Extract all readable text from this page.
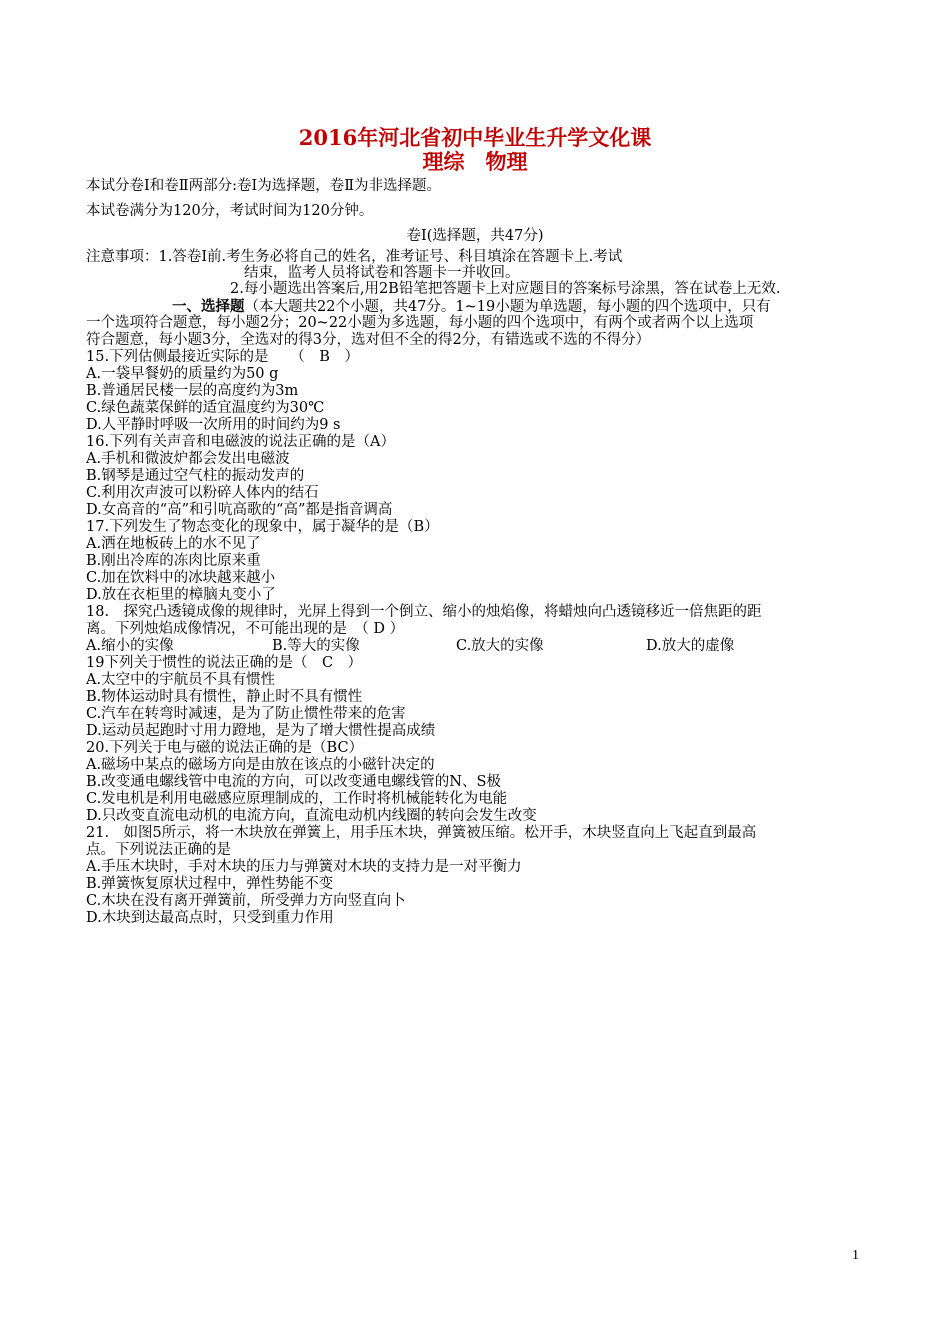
2016年河北省初中毕业生升学文化课
理综　物理
本试分卷Ⅰ和卷Ⅱ两部分:卷Ⅰ为选择题，卷Ⅱ为非选择题。
本试卷满分为120分，考试时间为120分钟。
卷Ⅰ(选择题，共47分)
注意事项：1.答卷Ⅰ前.考生务必将自己的姓名，准考证号、科目填涂在答题卡上.考试
结束，监考人员将试卷和答题卡一并收回。
2.每小题选出答案后,用2B铅笔把答题卡上对应题目的答案标号涂黑，答在试卷上无效.
一、选择题（本大题共22个小题，共47分。1~19小题为单选题，每小题的四个选项中，只有
一个选项符合题意，每小题2分；20~22小题为多选题，每小题的四个选项中，有两个或者两个以上选项
符合题意，每小题3分，全选对的得3分，选对但不全的得2分，有错选或不选的不得分）
15.下列估侧最接近实际的是　　（　B　）
A.一袋早餐奶的质量约为50 g
B.普通居民楼一层的高度约为3m
C.绿色蔬菜保鲜的适宜温度约为30℃
D.人平静时呼吸一次所用的时间约为9 s
16.下列有关声音和电磁波的说法正确的是（A）
A.手机和微波炉都会发出电磁波
B.钢琴是通过空气柱的振动发声的
C.利用次声波可以粉碎人体内的结石
D.女高音的“高”和引吭高歌的“高”都是指音调高
17.下列发生了物态变化的现象中，属于凝华的是（B）
A.洒在地板砖上的水不见了
B.刚出冷库的冻肉比原来重
C.加在饮料中的冰块越来越小
D.放在衣柜里的樟脑丸变小了
18.　探究凸透镜成像的规律时，光屏上得到一个倒立、缩小的烛焰像，将蜡烛向凸透镜移近一倍焦距的距
离。下列烛焰成像情况，不可能出现的是　（ D ）
A.缩小的实像	B.等大的实像	C.放大的实像	D.放大的虚像
19下列关于惯性的说法正确的是（　C　）
A.太空中的宇航员不具有惯性
B.物体运动时具有惯性，静止时不具有惯性
C.汽车在转弯时减速，是为了防止惯性带来的危害
D.运动员起跑时寸用力蹬地，是为了增大惯性提高成绩
20.下列关于电与磁的说法正确的是（BC）
A.磁场中某点的磁场方向是由放在该点的小磁针决定的
B.改变通电螺线管中电流的方向，可以改变通电螺线管的N、S极
C.发电机是利用电磁感应原理制成的，工作时将机械能转化为电能
D.只改变直流电动机的电流方向，直流电动机内线圈的转向会发生改变
21.　如图5所示，将一木块放在弹簧上，用手压木块，弹簧被压缩。松开手，木块竖直向上飞起直到最高
点。下列说法正确的是
A.手压木块时，手对木块的压力与弹簧对木块的支持力是一对平衡力
B.弹簧恢复原状过程中，弹性势能不变
C.木块在没有离开弹簧前，所受弹力方向竖直向卜
D.木块到达最高点时，只受到重力作用
1
